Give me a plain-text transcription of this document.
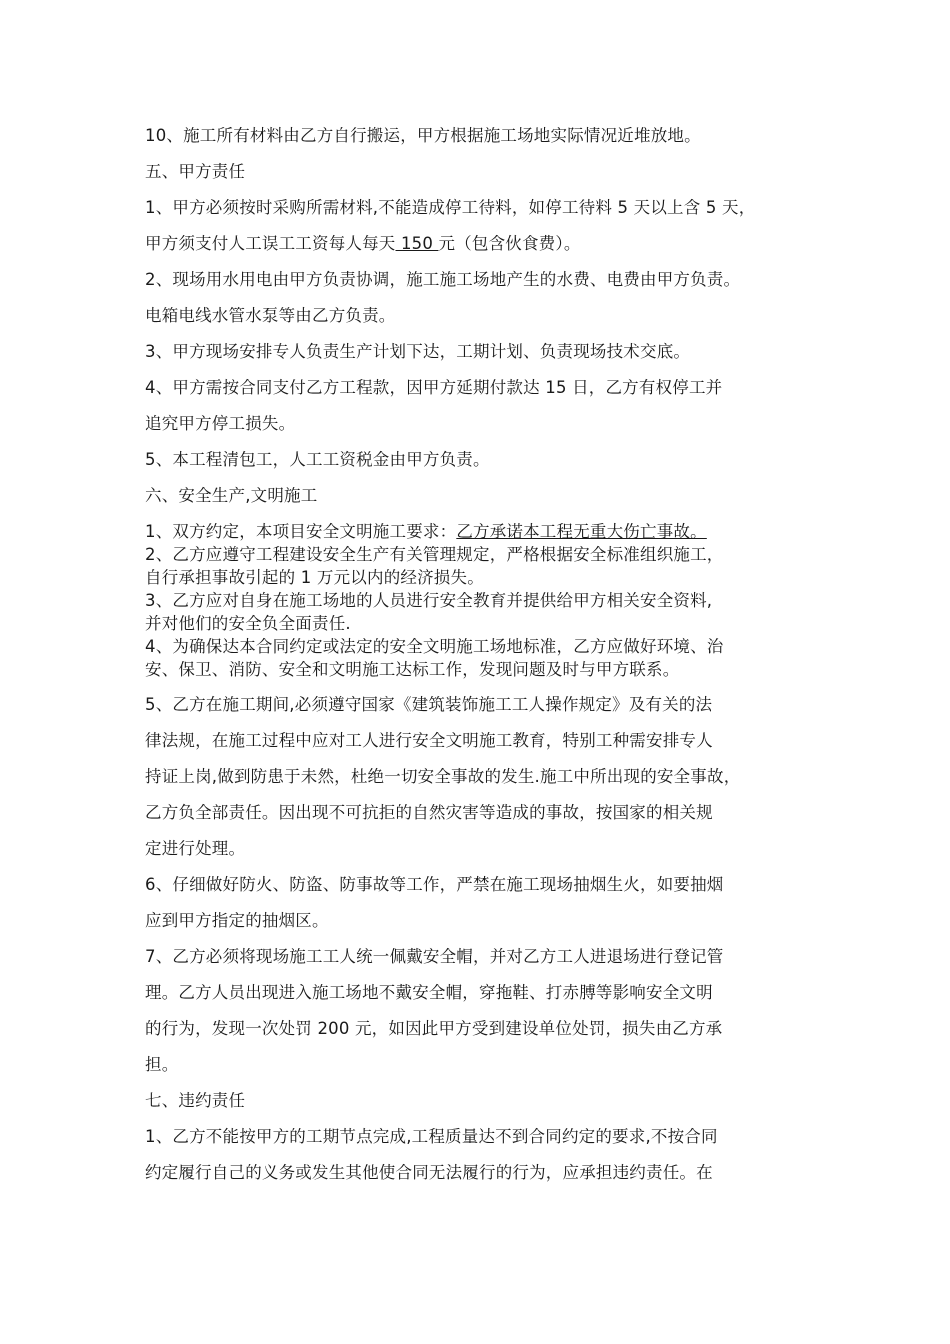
10、施工所有材料由乙方自行搬运，甲方根据施工场地实际情况近堆放地。

五、甲方责任

1、甲方必须按时采购所需材料,不能造成停工待料，如停工待料 5 天以上含 5 天，

甲方须支付人工误工工资每人每天 150 元（包含伙食费）。

2、现场用水用电由甲方负责协调，施工施工场地产生的水费、电费由甲方负责。

电箱电线水管水泵等由乙方负责。

3、甲方现场安排专人负责生产计划下达，工期计划、负责现场技术交底。

4、甲方需按合同支付乙方工程款，因甲方延期付款达 15 日，乙方有权停工并

追究甲方停工损失。

5、本工程清包工，人工工资税金由甲方负责。

六、安全生产,文明施工

1、双方约定，本项目安全文明施工要求：乙方承诺本工程无重大伤亡事故。

2、乙方应遵守工程建设安全生产有关管理规定，严格根据安全标准组织施工，

自行承担事故引起的 1 万元以内的经济损失。

3、乙方应对自身在施工场地的人员进行安全教育并提供给甲方相关安全资料,

并对他们的安全负全面责任.

4、为确保达本合同约定或法定的安全文明施工场地标准，乙方应做好环境、治

安、保卫、消防、安全和文明施工达标工作，发现问题及时与甲方联系。

5、乙方在施工期间,必须遵守国家《建筑装饰施工工人操作规定》及有关的法

律法规，在施工过程中应对工人进行安全文明施工教育，特别工种需安排专人

持证上岗,做到防患于未然，杜绝一切安全事故的发生.施工中所出现的安全事故，

乙方负全部责任。因出现不可抗拒的自然灾害等造成的事故，按国家的相关规

定进行处理。

6、仔细做好防火、防盗、防事故等工作，严禁在施工现场抽烟生火，如要抽烟

应到甲方指定的抽烟区。

7、乙方必须将现场施工工人统一佩戴安全帽，并对乙方工人进退场进行登记管

理。乙方人员出现进入施工场地不戴安全帽，穿拖鞋、打赤膊等影响安全文明

的行为，发现一次处罚 200 元，如因此甲方受到建设单位处罚，损失由乙方承

担。

七、违约责任

1、乙方不能按甲方的工期节点完成,工程质量达不到合同约定的要求,不按合同

约定履行自己的义务或发生其他使合同无法履行的行为，应承担违约责任。在
